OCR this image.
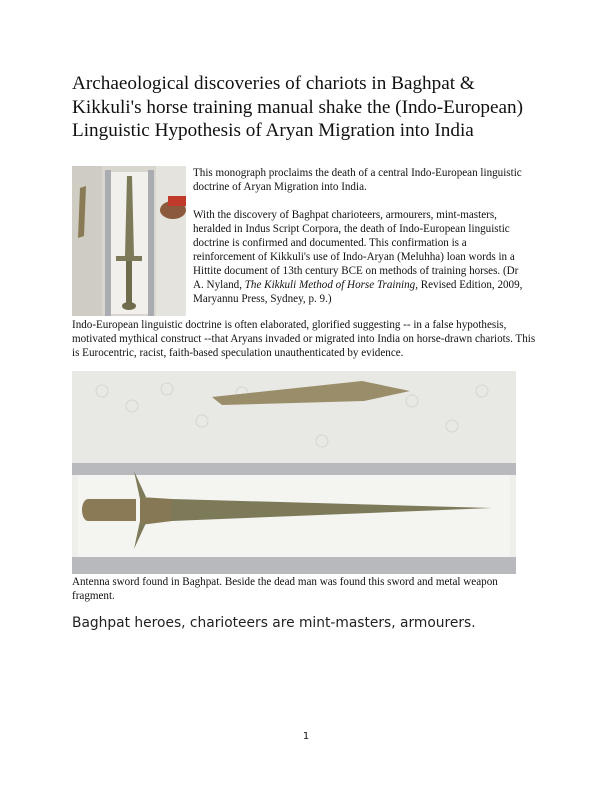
Archaeological discoveries of chariots in Baghpat & Kikkuli's horse training manual shake the (Indo-European) Linguistic Hypothesis of Aryan Migration into India

This monograph proclaims the death of a central Indo-European linguistic doctrine of Aryan Migration into India.

With the discovery of Baghpat charioteers, armourers, mint-masters, heralded in Indus Script Corpora, the death of Indo-European linguistic doctrine is confirmed and documented. This confirmation is a reinforcement of Kikkuli's use of Indo-Aryan (Meluhha) loan words in a Hittite document of 13th century BCE on methods of training horses. (Dr A. Nyland, The Kikkuli Method of Horse Training, Revised Edition, 2009, Maryannu Press, Sydney, p. 9.)

Indo-European linguistic doctrine is often elaborated, glorified suggesting -- in a false hypothesis, motivated mythical construct --that Aryans invaded or migrated into India on horse-drawn chariots. This is Eurocentric, racist, faith-based speculation unauthenticated by evidence.
Antenna sword found in Baghpat. Beside the dead man was found this sword and metal weapon fragment.
Baghpat heroes, charioteers are mint-masters, armourers.
1
